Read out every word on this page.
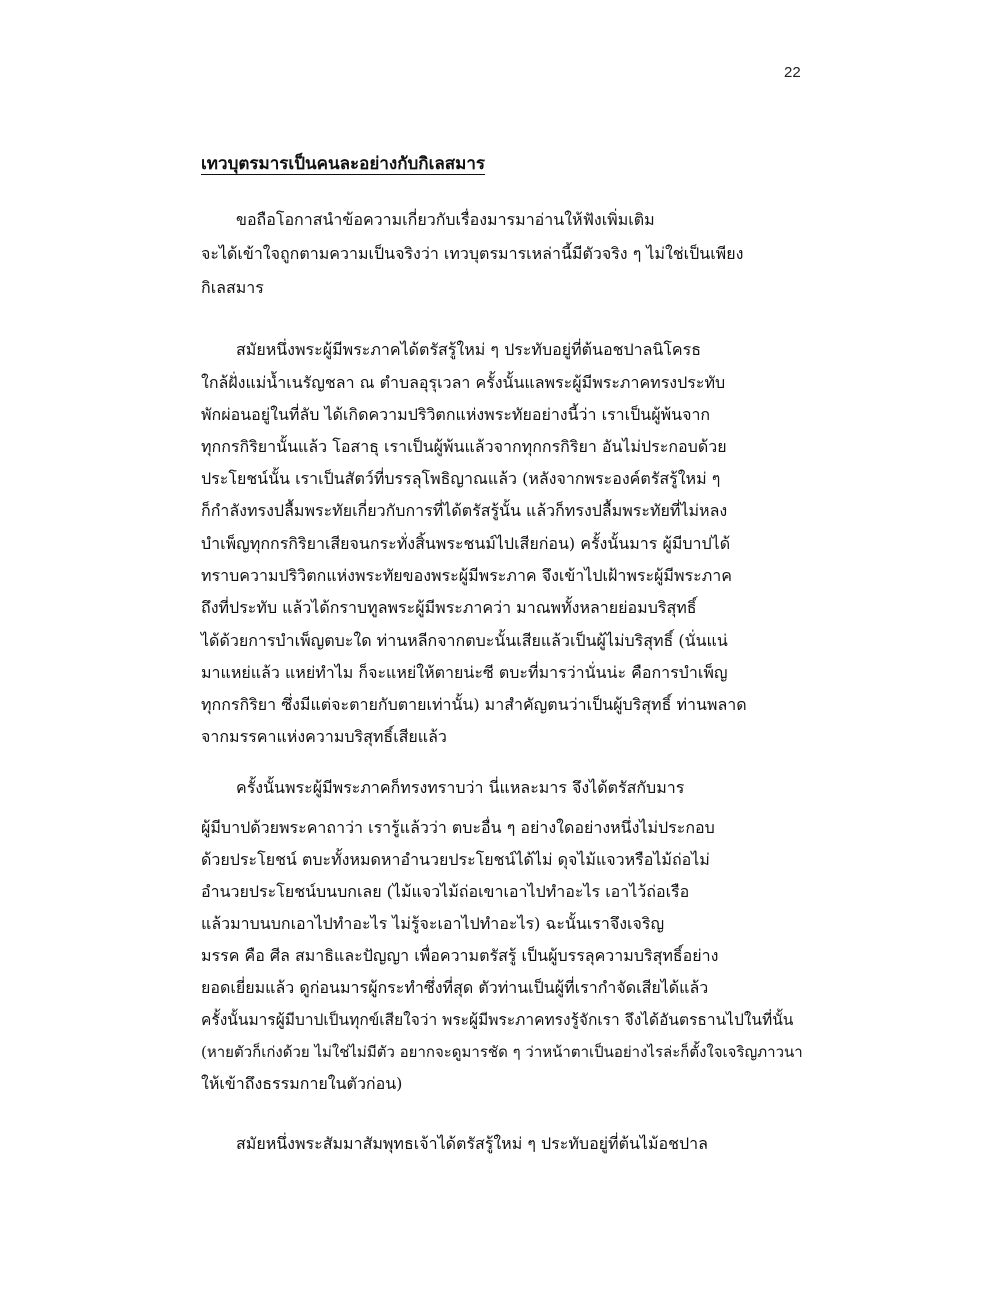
22
เทวบุตรมารเป็นคนละอย่างกับกิเลสมาร
ขอถือโอกาสนำข้อความเกี่ยวกับเรื่องมารมาอ่านให้ฟังเพิ่มเติม
จะได้เข้าใจถูกตามความเป็นจริงว่า เทวบุตรมารเหล่านี้มีตัวจริง ๆ ไม่ใช่เป็นเพียง
กิเลสมาร
สมัยหนึ่งพระผู้มีพระภาคได้ตรัสรู้ใหม่ ๆ ประทับอยู่ที่ต้นอชปาลนิโครธ
ใกล้ฝั่งแม่น้ำเนรัญชลา ณ ตำบลอุรุเวลา ครั้งนั้นแลพระผู้มีพระภาคทรงประทับ
พักผ่อนอยู่ในที่ลับ ได้เกิดความปริวิตกแห่งพระทัยอย่างนี้ว่า เราเป็นผู้พ้นจาก
ทุกกรกิริยานั้นแล้ว โอสาธุ เราเป็นผู้พ้นแล้วจากทุกกรกิริยา อันไม่ประกอบด้วย
ประโยชน์นั้น เราเป็นสัตว์ที่บรรลุโพธิญาณแล้ว (หลังจากพระองค์ตรัสรู้ใหม่ ๆ
ก็กำลังทรงปลื้มพระทัยเกี่ยวกับการที่ได้ตรัสรู้นั้น แล้วก็ทรงปลื้มพระทัยที่ไม่หลง
บำเพ็ญทุกกรกิริยาเสียจนกระทั่งสิ้นพระชนม์ไปเสียก่อน) ครั้งนั้นมาร ผู้มีบาปได้
ทราบความปริวิตกแห่งพระทัยของพระผู้มีพระภาค จึงเข้าไปเฝ้าพระผู้มีพระภาค
ถึงที่ประทับ แล้วได้กราบทูลพระผู้มีพระภาคว่า มาณพทั้งหลายย่อมบริสุทธิ์
ได้ด้วยการบำเพ็ญตบะใด ท่านหลีกจากตบะนั้นเสียแล้วเป็นผู้ไม่บริสุทธิ์ (นั่นแน่
มาแหย่แล้ว แหย่ทำไม ก็จะแหย่ให้ตายน่ะซี ตบะที่มารว่านั่นน่ะ คือการบำเพ็ญ
ทุกกรกิริยา ซึ่งมีแต่จะตายกับตายเท่านั้น) มาสำคัญตนว่าเป็นผู้บริสุทธิ์ ท่านพลาด
จากมรรคาแห่งความบริสุทธิ์เสียแล้ว
ครั้งนั้นพระผู้มีพระภาคก็ทรงทราบว่า นี่แหละมาร จึงได้ตรัสกับมาร
ผู้มีบาปด้วยพระคาถาว่า เรารู้แล้วว่า ตบะอื่น ๆ อย่างใดอย่างหนึ่งไม่ประกอบ
ด้วยประโยชน์ ตบะทั้งหมดหาอำนวยประโยชน์ได้ไม่ ดุจไม้แจวหรือไม้ถ่อไม่
อำนวยประโยชน์บนบกเลย (ไม้แจวไม้ถ่อเขาเอาไปทำอะไร เอาไว้ถ่อเรือ
แล้วมาบนบกเอาไปทำอะไร ไม่รู้จะเอาไปทำอะไร) ฉะนั้นเราจึงเจริญ
มรรค คือ ศีล สมาธิและปัญญา เพื่อความตรัสรู้ เป็นผู้บรรลุความบริสุทธิ์อย่าง
ยอดเยี่ยมแล้ว ดูก่อนมารผู้กระทำซึ่งที่สุด ตัวท่านเป็นผู้ที่เรากำจัดเสียได้แล้ว
ครั้งนั้นมารผู้มีบาปเป็นทุกข์เสียใจว่า พระผู้มีพระภาคทรงรู้จักเรา จึงได้อันตรธานไปในที่นั้น
(หายตัวก็เก่งด้วย ไม่ใช่ไม่มีตัว อยากจะดูมารชัด ๆ ว่าหน้าตาเป็นอย่างไรล่ะก็ตั้งใจเจริญภาวนา
ให้เข้าถึงธรรมกายในตัวก่อน)
สมัยหนึ่งพระสัมมาสัมพุทธเจ้าได้ตรัสรู้ใหม่ ๆ ประทับอยู่ที่ต้นไม้อชปาล
